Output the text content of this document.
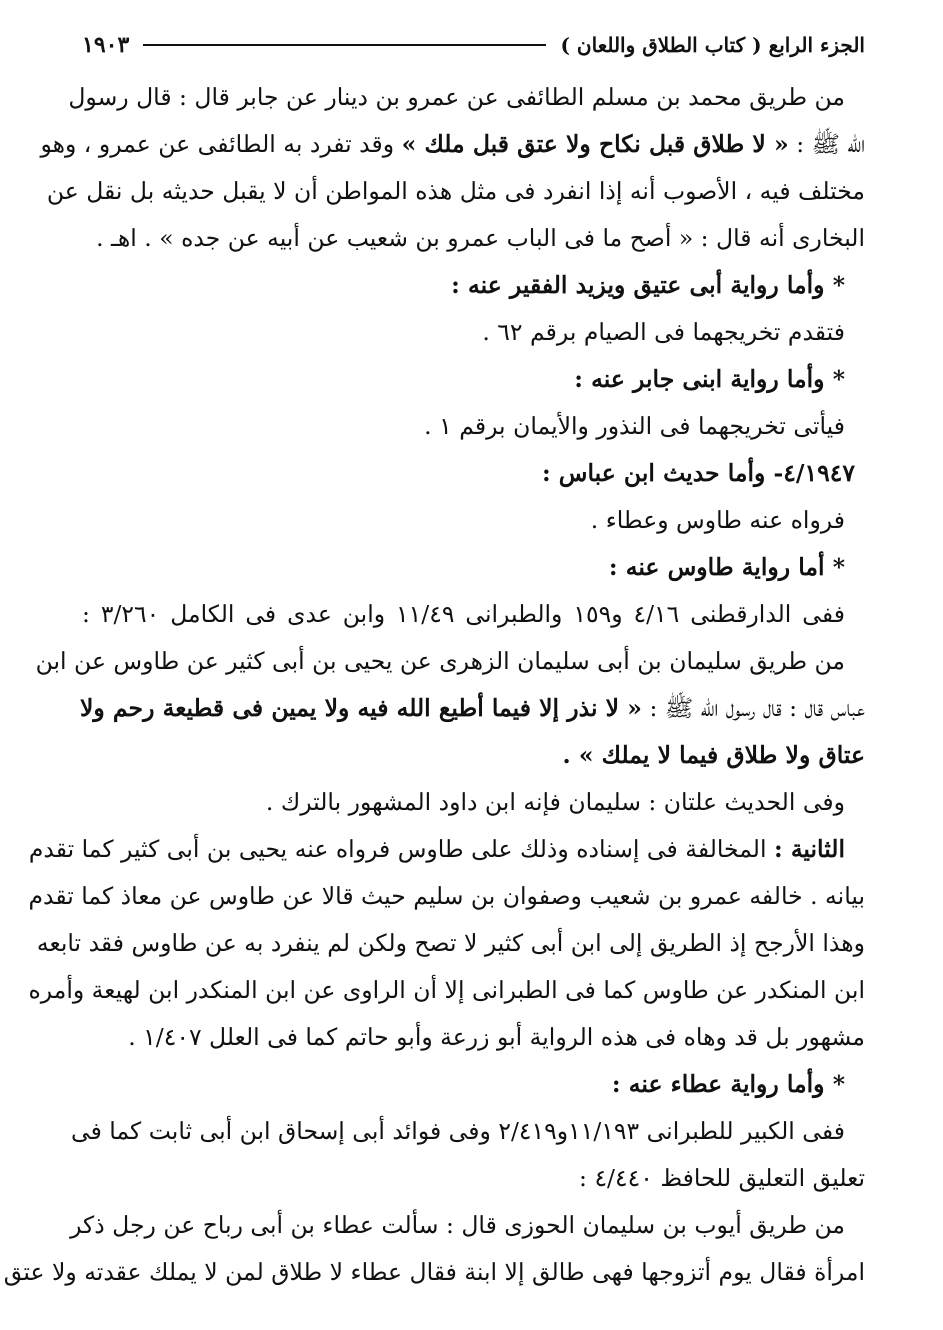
الجزء الرابع ( كتاب الطلاق واللعان )
١٩٠٣
من طريق محمد بن مسلم الطائفى عن عمرو بن دينار عن جابر قال : قال رسول
الله ﷺ : « لا طلاق قبل نكاح ولا عتق قبل ملك » وقد تفرد به الطائفى عن عمرو ، وهو
مختلف فيه ، الأصوب أنه إذا انفرد فى مثل هذه المواطن أن لا يقبل حديثه بل نقل عن
البخارى أنه قال : « أصح ما فى الباب عمرو بن شعيب عن أبيه عن جده » . اهـ .
* وأما رواية أبى عتيق ويزيد الفقير عنه :
فتقدم تخريجهما فى الصيام برقم ٦٢ .
* وأما رواية ابنى جابر عنه :
فيأتى تخريجهما فى النذور والأيمان برقم ١ .
٤/١٩٤٧- وأما حديث ابن عباس :
فرواه عنه طاوس وعطاء .
* أما رواية طاوس عنه :
ففى الدارقطنى ٤/١٦ و١٥٩ والطبرانى ١١/٤٩ وابن عدى فى الكامل ٣/٢٦٠ :
من طريق سليمان بن أبى سليمان الزهرى عن يحيى بن أبى كثير عن طاوس عن ابن
عباس قال : قال رسول الله ﷺ : « لا نذر إلا فيما أطيع الله فيه ولا يمين فى قطيعة رحم ولا
عتاق ولا طلاق فيما لا يملك » .
وفى الحديث علتان : سليمان فإنه ابن داود المشهور بالترك .
الثانية : المخالفة فى إسناده وذلك على طاوس فرواه عنه يحيى بن أبى كثير كما تقدم
بيانه . خالفه عمرو بن شعيب وصفوان بن سليم حيث قالا عن طاوس عن معاذ كما تقدم
وهذا الأرجح إذ الطريق إلى ابن أبى كثير لا تصح ولكن لم ينفرد به عن طاوس فقد تابعه
ابن المنكدر عن طاوس كما فى الطبرانى إلا أن الراوى عن ابن المنكدر ابن لهيعة وأمره
مشهور بل قد وهاه فى هذه الرواية أبو زرعة وأبو حاتم كما فى العلل ١/٤٠٧ .
* وأما رواية عطاء عنه :
ففى الكبير للطبرانى ١١/١٩٣و٢/٤١٩ وفى فوائد أبى إسحاق ابن أبى ثابت كما فى
تعليق التعليق للحافظ ٤/٤٤٠ :
من طريق أيوب بن سليمان الحوزى قال : سألت عطاء بن أبى رباح عن رجل ذكر
امرأة فقال يوم أتزوجها فهى طالق إلا ابنة فقال عطاء لا طلاق لمن لا يملك عقدته ولا عتق
